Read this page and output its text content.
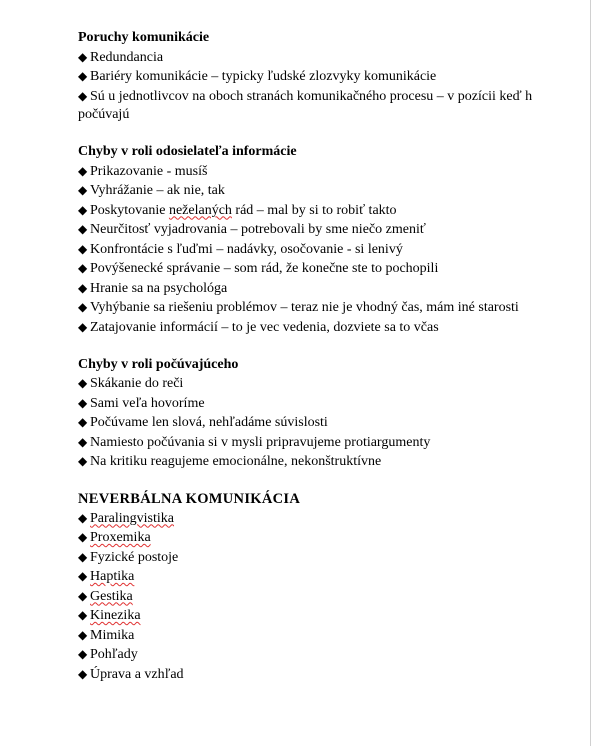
Poruchy komunikácie
◆ Redundancia
◆ Bariéry komunikácie – typicky ľudské zlozvyky komunikácie
◆ Sú u jednotlivcov na oboch stranách komunikačného procesu – v pozícii keď h
počúvajú
Chyby v roli odosielateľa informácie
◆ Prikazovanie - musíš
◆ Vyhrážanie – ak nie, tak
◆ Poskytovanie neželaných rád – mal by si to robiť takto
◆ Neurčitosť vyjadrovania – potrebovali by sme niečo zmeniť
◆ Konfrontácie s ľuďmi – nadávky, osočovanie - si lenivý
◆ Povýšenecké správanie – som rád, že konečne ste to pochopili
◆ Hranie sa na psychológa
◆ Vyhýbanie sa riešeniu problémov – teraz nie je vhodný čas, mám iné starosti
◆ Zatajovanie informácií – to je vec vedenia, dozviete sa to včas
Chyby v roli počúvajúceho
◆ Skákanie do reči
◆ Sami veľa hovoríme
◆ Počúvame len slová, nehľadáme súvislosti
◆ Namiesto počúvania si v mysli pripravujeme protiargumenty
◆ Na kritiku reagujeme emocionálne, nekonštruktívne
NEVERBÁLNA KOMUNIKÁCIA
◆ Paralingvistika
◆ Proxemika
◆ Fyzické postoje
◆ Haptika
◆ Gestika
◆ Kinezika
◆ Mimika
◆ Pohľady
◆ Úprava a vzhľad
